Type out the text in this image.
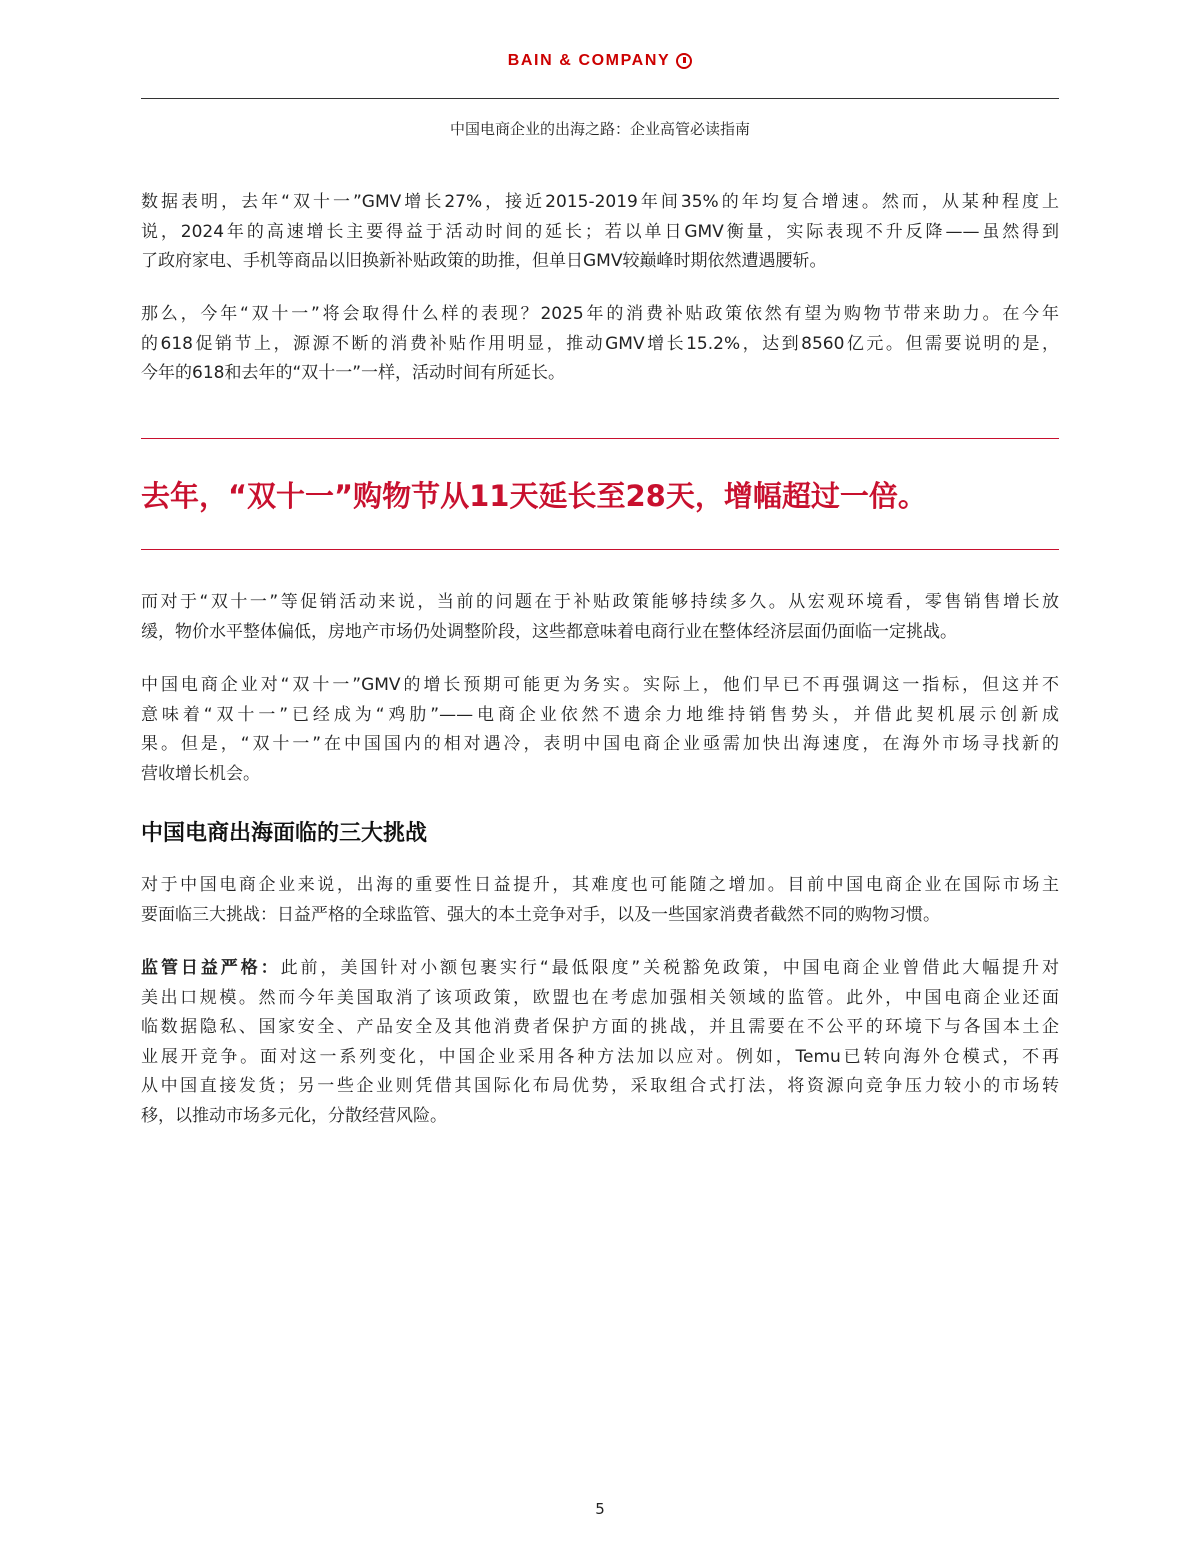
BAIN & COMPANY
中国电商企业的出海之路：企业高管必读指南
数据表明，去年“双十一”GMV增长27%，接近2015-2019年间35%的年均复合增速。然而，从某种程度上
说，2024年的高速增长主要得益于活动时间的延长；若以单日GMV衡量，实际表现不升反降——虽然得到
了政府家电、手机等商品以旧换新补贴政策的助推，但单日GMV较巅峰时期依然遭遇腰斩。
那么，今年“双十一”将会取得什么样的表现？2025年的消费补贴政策依然有望为购物节带来助力。在今年
的618促销节上，源源不断的消费补贴作用明显，推动GMV增长15.2%，达到8560亿元。但需要说明的是，
今年的618和去年的“双十一”一样，活动时间有所延长。
去年，“双十一”购物节从11天延长至28天，增幅超过一倍。
而对于“双十一”等促销活动来说，当前的问题在于补贴政策能够持续多久。从宏观环境看，零售销售增长放
缓，物价水平整体偏低，房地产市场仍处调整阶段，这些都意味着电商行业在整体经济层面仍面临一定挑战。
中国电商企业对“双十一”GMV的增长预期可能更为务实。实际上，他们早已不再强调这一指标，但这并不
意味着“双十一”已经成为“鸡肋”——电商企业依然不遗余力地维持销售势头，并借此契机展示创新成
果。但是，“双十一”在中国国内的相对遇冷，表明中国电商企业亟需加快出海速度，在海外市场寻找新的
营收增长机会。
中国电商出海面临的三大挑战
对于中国电商企业来说，出海的重要性日益提升，其难度也可能随之增加。目前中国电商企业在国际市场主
要面临三大挑战：日益严格的全球监管、强大的本土竞争对手，以及一些国家消费者截然不同的购物习惯。
监管日益严格：此前，美国针对小额包裹实行“最低限度”关税豁免政策，中国电商企业曾借此大幅提升对
美出口规模。然而今年美国取消了该项政策，欧盟也在考虑加强相关领域的监管。此外，中国电商企业还面
临数据隐私、国家安全、产品安全及其他消费者保护方面的挑战，并且需要在不公平的环境下与各国本土企
业展开竞争。面对这一系列变化，中国企业采用各种方法加以应对。例如，Temu已转向海外仓模式，不再
从中国直接发货；另一些企业则凭借其国际化布局优势，采取组合式打法，将资源向竞争压力较小的市场转
移，以推动市场多元化，分散经营风险。
5
